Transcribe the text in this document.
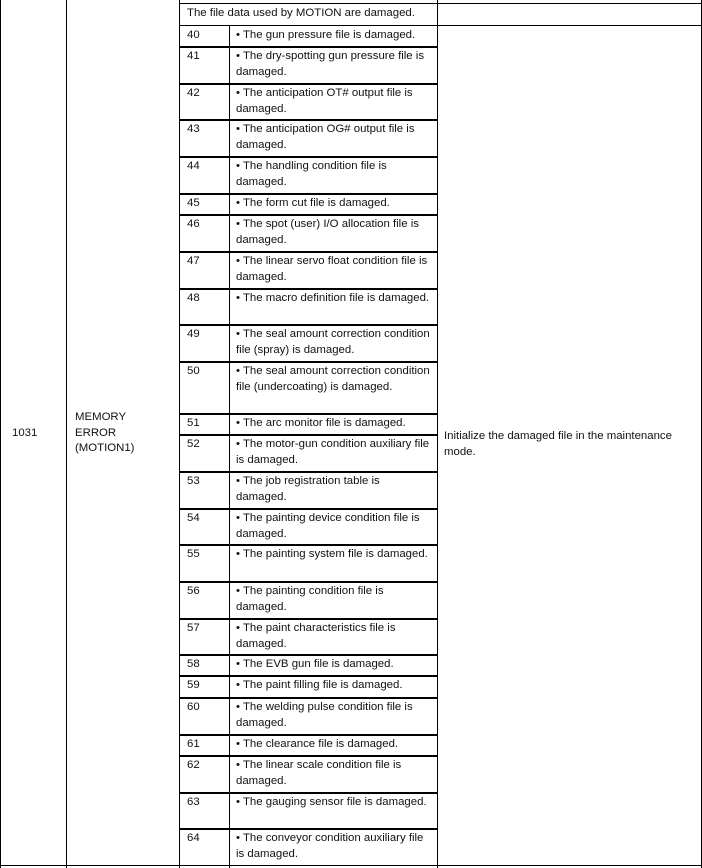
1031
MEMORY
ERROR
(MOTION1)
The file data used by MOTION are damaged.
Initialize the damaged file in the maintenance mode.
40	• The gun pressure file is damaged.
41	• The dry-spotting gun pressure file is damaged.
42	• The anticipation OT# output file is damaged.
43	• The anticipation OG# output file is damaged.
44	• The handling condition file is damaged.
45	• The form cut file is damaged.
46	• The spot (user) I/O allocation file is damaged.
47	• The linear servo float condition file is damaged.
48	• The macro definition file is damaged.
49	• The seal amount correction condition file (spray) is damaged.
50	• The seal amount correction condition file (undercoating) is damaged.
51	• The arc monitor file is damaged.
52	• The motor-gun condition auxiliary file is damaged.
53	• The job registration table is damaged.
54	• The painting device condition file is damaged.
55	• The painting system file is damaged.
56	• The painting condition file is damaged.
57	• The paint characteristics file is damaged.
58	• The EVB gun file is damaged.
59	• The paint filling file is damaged.
60	• The welding pulse condition file is damaged.
61	• The clearance file is damaged.
62	• The linear scale condition file is damaged.
63	• The gauging sensor file is damaged.
64	• The conveyor condition auxiliary file is damaged.
